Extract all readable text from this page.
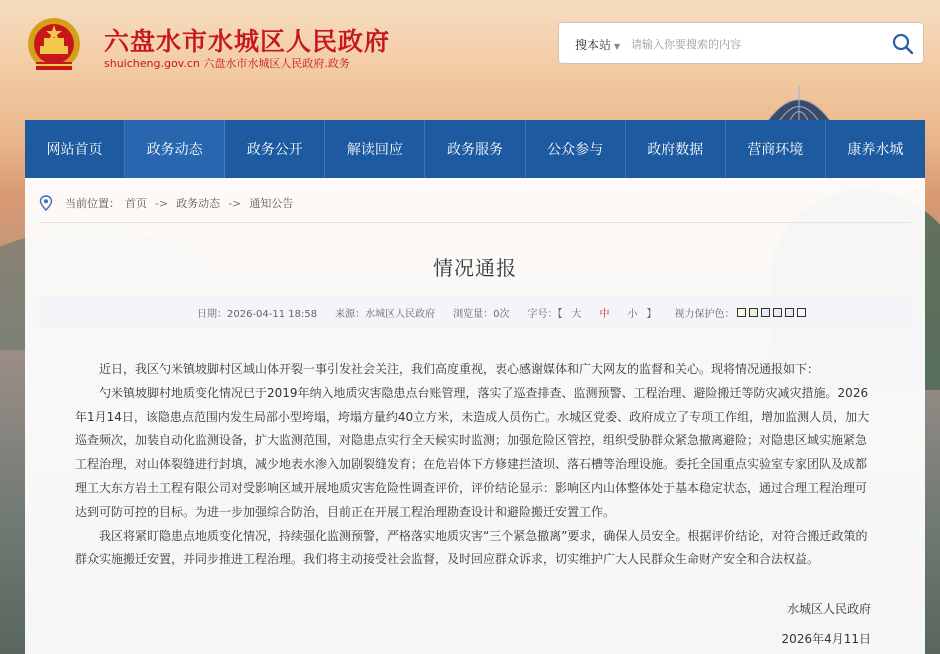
六盘水市水城区人民政府
shuicheng.gov.cn 六盘水市水城区人民政府.政务
搜本站 ▼
请输入你要搜索的内容
网站首页	政务动态	政务公开	解读回应	政务服务	公众参与	政府数据	营商环境	康养水城
当前位置： 首页 -> 政务动态 -> 通知公告
情况通报
日期：2026-04-11 18:58 来源：水城区人民政府 浏览量：0次 字号：【 大 中 小 】 视力保护色：

近日，我区勺米镇坡脚村区域山体开裂一事引发社会关注，我们高度重视，衷心感谢媒体和广大网友的监督和关心。现将情况通报如下：

勺米镇坡脚村地质变化情况已于2019年纳入地质灾害隐患点台账管理，落实了巡查排查、监测预警、工程治理、避险搬迁等防灾减灾措施。2026年1月14日，该隐患点范围内发生局部小型垮塌，垮塌方量约40立方米，未造成人员伤亡。水城区党委、政府成立了专项工作组，增加监测人员，加大巡查频次，加装自动化监测设备，扩大监测范围，对隐患点实行全天候实时监测；加强危险区管控，组织受胁群众紧急撤离避险；对隐患区域实施紧急工程治理，对山体裂缝进行封填，减少地表水渗入加剧裂缝发育；在危岩体下方修建拦渣坝、落石槽等治理设施。委托全国重点实验室专家团队及成都理工大东方岩土工程有限公司对受影响区域开展地质灾害危险性调查评价，评价结论显示：影响区内山体整体处于基本稳定状态，通过合理工程治理可达到可防可控的目标。为进一步加强综合防治，目前正在开展工程治理勘查设计和避险搬迁安置工作。

我区将紧盯隐患点地质变化情况，持续强化监测预警，严格落实地质灾害“三个紧急撤离”要求，确保人员安全。根据评价结论，对符合搬迁政策的群众实施搬迁安置，并同步推进工程治理。我们将主动接受社会监督，及时回应群众诉求，切实维护广大人民群众生命财产安全和合法权益。

水城区人民政府
2026年4月11日
